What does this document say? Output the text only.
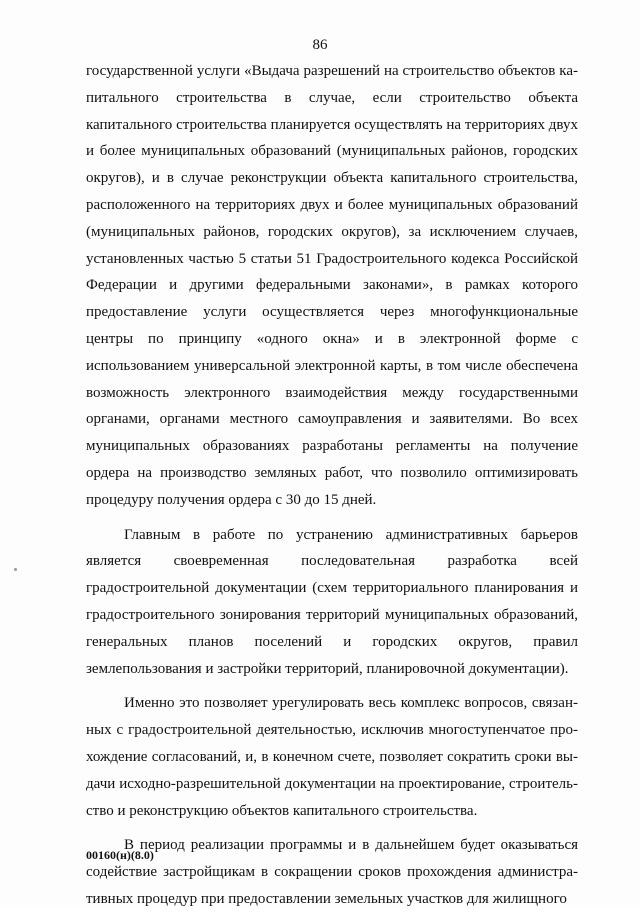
86

государственной услуги «Выдача разрешений на строительство объектов капитального строительства в случае, если строительство объекта капитального строительства планируется осуществлять на территориях двух и более муниципальных образований (муниципальных районов, городских округов), и в случае реконструкции объекта капитального строительства, расположенного на территориях двух и более муниципальных образований (муниципальных районов, городских округов), за исключением случаев, установленных частью 5 статьи 51 Градостроительного кодекса Российской Федерации и другими федеральными законами», в рамках которого предоставление услуги осуществляется через многофункциональные центры по принципу «одного окна» и в электронной форме с использованием универсальной электронной карты, в том числе обеспечена возможность электронного взаимодействия между государственными органами, органами местного самоуправления и заявителями. Во всех муниципальных образованиях разработаны регламенты на получение ордера на производство земляных работ, что позволило оптимизировать процедуру получения ордера с 30 до 15 дней.

Главным в работе по устранению административных барьеров является своевременная последовательная разработка всей градостроительной документации (схем территориального планирования и градостроительного зонирования территорий муниципальных образований, генеральных планов поселений и городских округов, правил землепользования и застройки территорий, планировочной документации).

Именно это позволяет урегулировать весь комплекс вопросов, связанных с градостроительной деятельностью, исключив многоступенчатое прохождение согласований, и, в конечном счете, позволяет сократить сроки выдачи исходно-разрешительной документации на проектирование, строительство и реконструкцию объектов капитального строительства.

В период реализации программы и в дальнейшем будет оказываться содействие застройщикам в сокращении сроков прохождения административных процедур при предоставлении земельных участков для жилищного

00160(н)(8.0)
